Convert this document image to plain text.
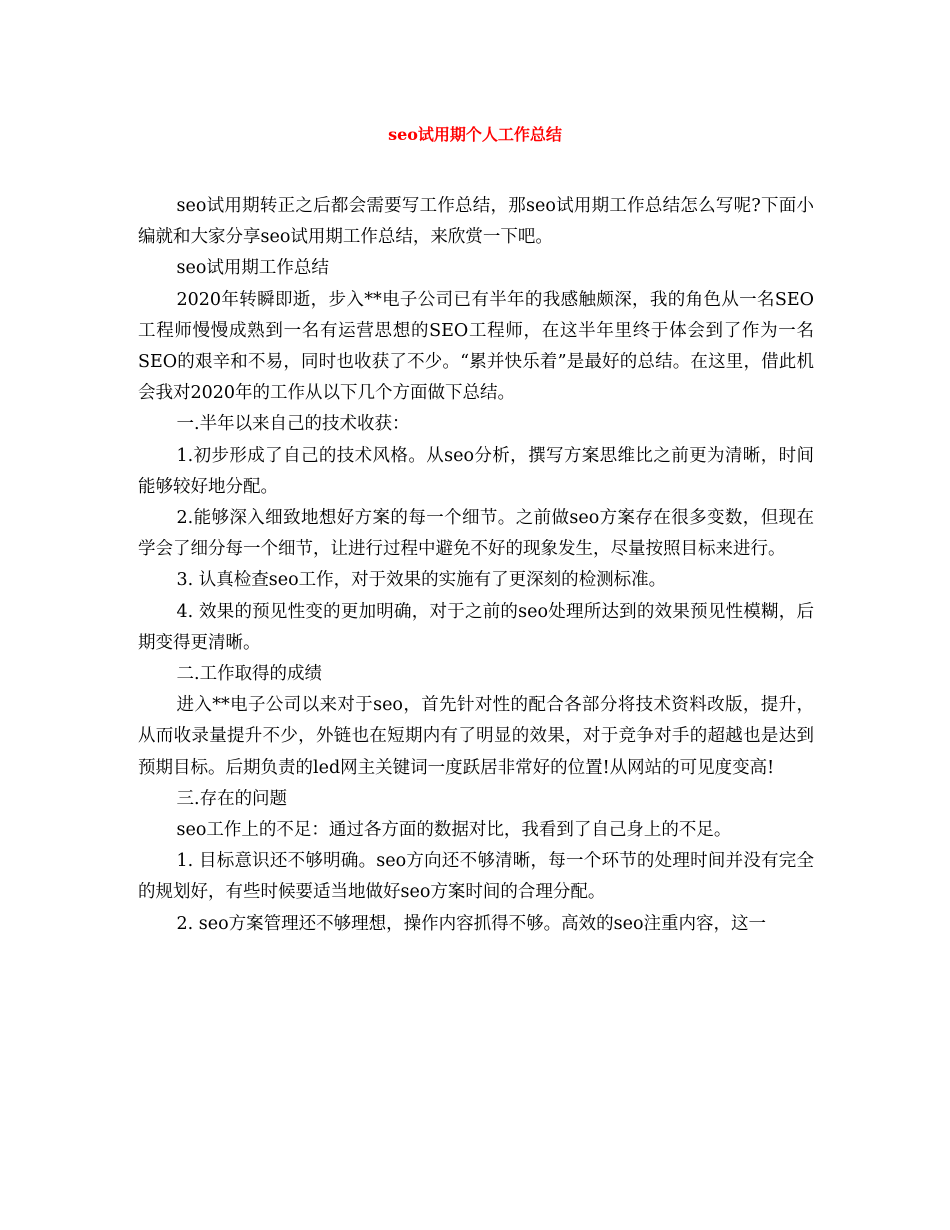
seo试用期个人工作总结

seo试用期转正之后都会需要写工作总结，那seo试用期工作总结怎么写呢?下面小编就和大家分享seo试用期工作总结，来欣赏一下吧。

seo试用期工作总结

2020年转瞬即逝，步入**电子公司已有半年的我感触颇深，我的角色从一名SEO工程师慢慢成熟到一名有运营思想的SEO工程师，在这半年里终于体会到了作为一名SEO的艰辛和不易，同时也收获了不少。“累并快乐着”是最好的总结。在这里，借此机会我对2020年的工作从以下几个方面做下总结。

一.半年以来自己的技术收获：

1.初步形成了自己的技术风格。从seo分析，撰写方案思维比之前更为清晰，时间能够较好地分配。

2.能够深入细致地想好方案的每一个细节。之前做seo方案存在很多变数，但现在学会了细分每一个细节，让进行过程中避免不好的现象发生，尽量按照目标来进行。

3. 认真检查seo工作，对于效果的实施有了更深刻的检测标准。

4. 效果的预见性变的更加明确，对于之前的seo处理所达到的效果预见性模糊，后期变得更清晰。

二.工作取得的成绩

进入**电子公司以来对于seo，首先针对性的配合各部分将技术资料改版，提升，从而收录量提升不少，外链也在短期内有了明显的效果，对于竞争对手的超越也是达到预期目标。后期负责的led网主关键词一度跃居非常好的位置!从网站的可见度变高!

三.存在的问题

seo工作上的不足：通过各方面的数据对比，我看到了自己身上的不足。

1. 目标意识还不够明确。seo方向还不够清晰，每一个环节的处理时间并没有完全的规划好，有些时候要适当地做好seo方案时间的合理分配。

2. seo方案管理还不够理想，操作内容抓得不够。高效的seo注重内容，这一
